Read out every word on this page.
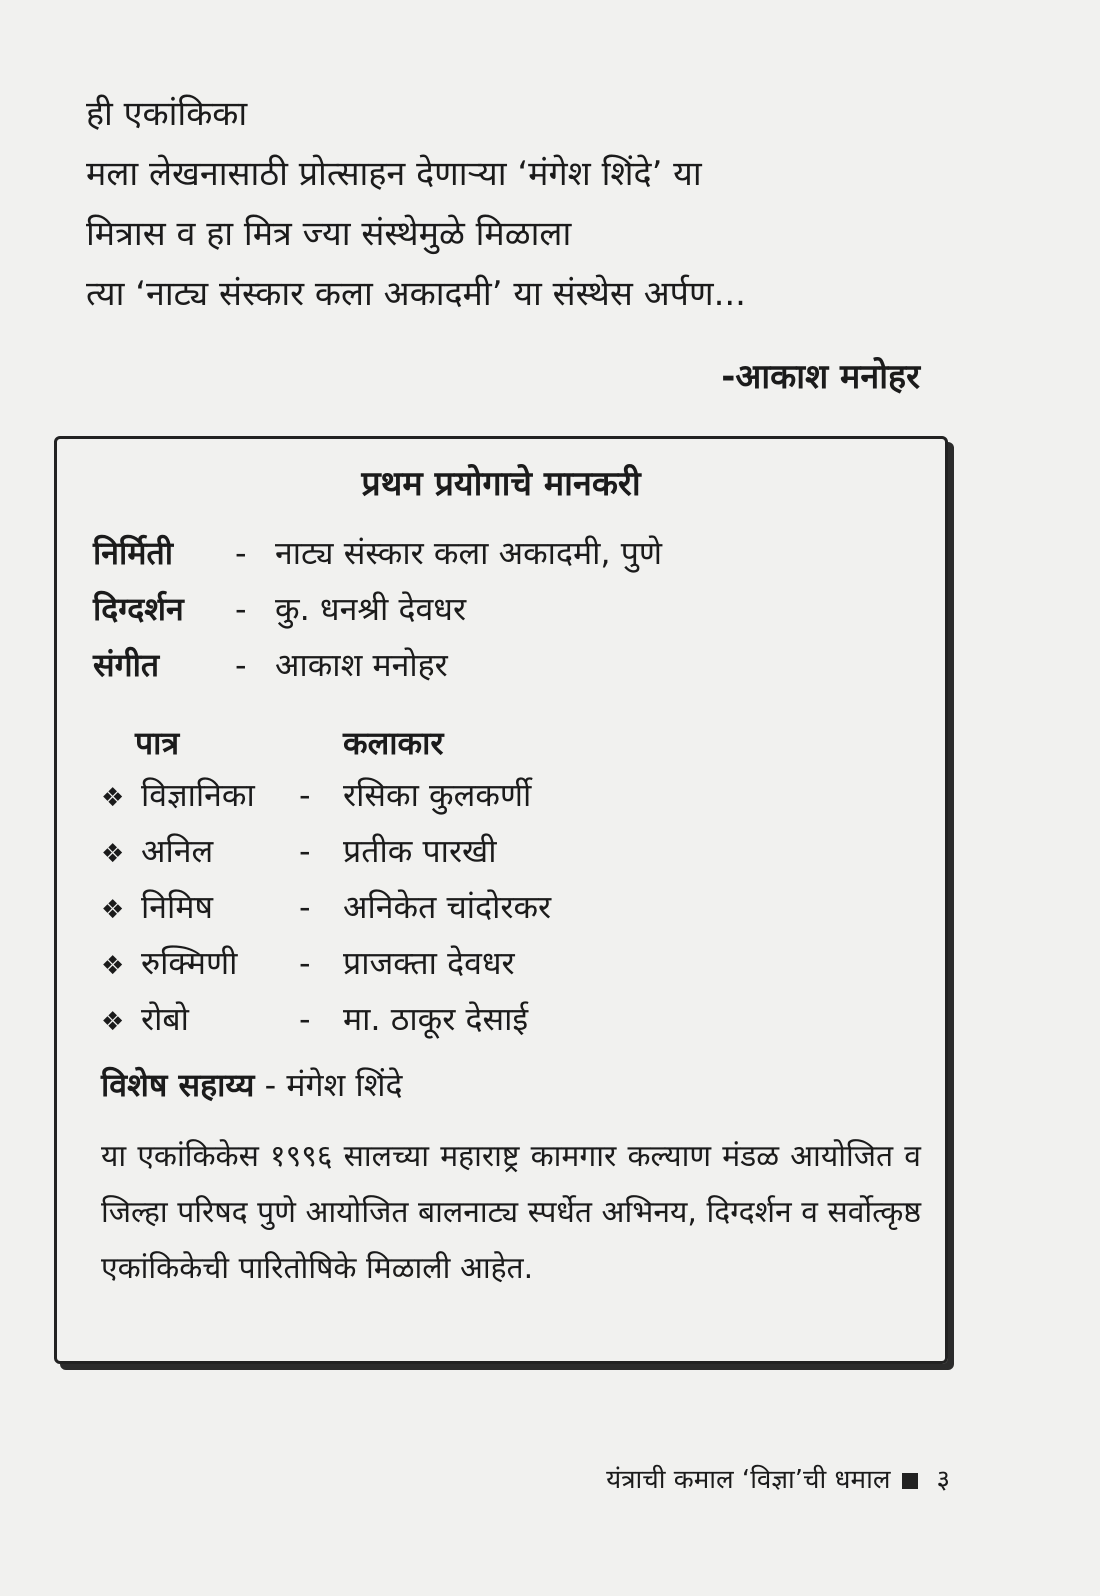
ही एकांकिका
मला लेखनासाठी प्रोत्साहन देणाऱ्या ‘मंगेश शिंदे’ या
मित्रास व हा मित्र ज्या संस्थेमुळे मिळाला
त्या ‘नाट्य संस्कार कला अकादमी’ या संस्थेस अर्पण...
-आकाश मनोहर
प्रथम प्रयोगाचे मानकरी
निर्मिती - नाट्य संस्कार कला अकादमी, पुणे
दिग्दर्शन - कु. धनश्री देवधर
संगीत - आकाश मनोहर
पात्र	कलाकार
❖ विज्ञानिका - रसिका कुलकर्णी
❖ अनिल	- प्रतीक पारखी
❖ निमिष	- अनिकेत चांदोरकर
❖ रुक्मिणी - प्राजक्ता देवधर
❖ रोबो	- मा. ठाकूर देसाई
विशेष सहाय्य - मंगेश शिंदे
या एकांकिकेस १९९६ सालच्या महाराष्ट्र कामगार कल्याण मंडळ आयोजित व जिल्हा परिषद पुणे आयोजित बालनाट्य स्पर्धेत अभिनय, दिग्दर्शन व सर्वोत्कृष्ठ एकांकिकेची पारितोषिके मिळाली आहेत.
यंत्राची कमाल ‘विज्ञा’ची धमाल ३
